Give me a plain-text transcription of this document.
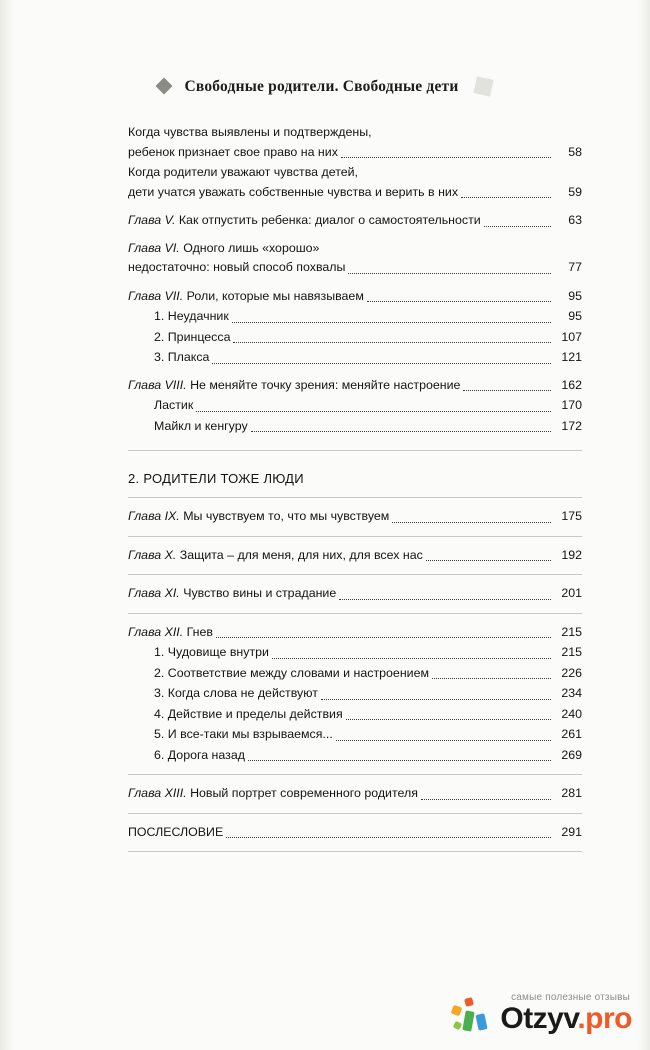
Свободные родители. Свободные дети
Когда чувства выявлены и подтверждены,
ребенок признает свое право на них	58
Когда родители уважают чувства детей,
дети учатся уважать собственные чувства и верить в них	59
Глава V. Как отпустить ребенка: диалог о самостоятельности	63
Глава VI. Одного лишь «хорошо»
недостаточно: новый способ похвалы	77
Глава VII. Роли, которые мы навязываем	95
1. Неудачник	95
2. Принцесса	107
3. Плакса	121
Глава VIII. Не меняйте точку зрения: меняйте настроение	162
Ластик	170
Майкл и кенгуру	172
2. РОДИТЕЛИ ТОЖЕ ЛЮДИ
Глава IX. Мы чувствуем то, что мы чувствуем	175
Глава X. Защита – для меня, для них, для всех нас	192
Глава XI. Чувство вины и страдание	201
Глава XII. Гнев	215
1. Чудовище внутри	215
2. Соответствие между словами и настроением	226
3. Когда слова не действуют	234
4. Действие и пределы действия	240
5. И все-таки мы взрываемся...	261
6. Дорога назад	269
Глава XIII. Новый портрет современного родителя	281
ПОСЛЕСЛОВИЕ	291
самые полезные отзывы
Otzyv.pro
